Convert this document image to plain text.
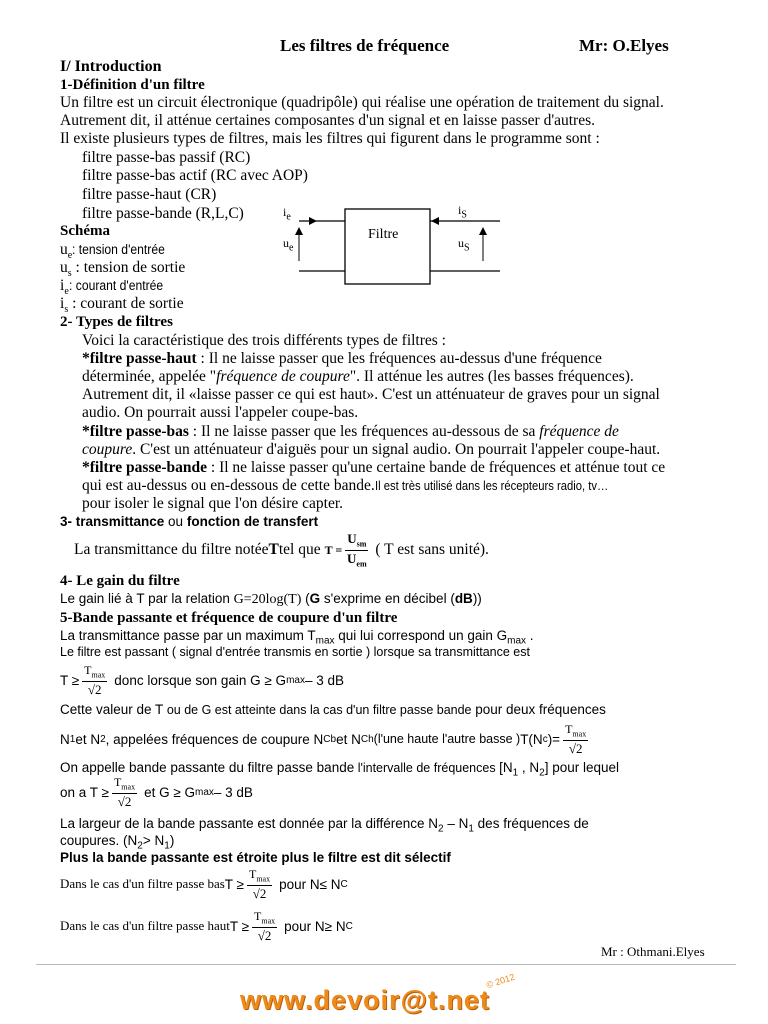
Les filtres de fréquence	Mr: O.Elyes
I/ Introduction
1-Définition d'un filtre
Un filtre est un circuit électronique (quadripôle) qui réalise une opération de traitement du signal.
Autrement dit, il atténue certaines composantes d'un signal et en laisse passer d'autres.
Il existe plusieurs types de filtres, mais les filtres qui figurent dans le programme sont :
filtre passe-bas passif (RC)
filtre passe-bas actif (RC avec AOP)
filtre passe-haut (CR)
filtre passe-bande (R,L,C)
Schéma
$u_e$: tension d'entrée
$u_s$ : tension de sortie
$i_e$: courant d'entrée
$i_s$ : courant de sortie
Filtre
$i_e$
$u_e$
$i_S$
$u_S$
2- Types de filtres
Voici la caractéristique des trois différents types de filtres :
*filtre passe-haut : Il ne laisse passer que les fréquences au-dessus d'une fréquence
déterminée, appelée "fréquence de coupure". Il atténue les autres (les basses fréquences).
Autrement dit, il «laisse passer ce qui est haut». C'est un atténuateur de graves pour un signal
audio. On pourrait aussi l'appeler coupe-bas.
*filtre passe-bas : Il ne laisse passer que les fréquences au-dessous de sa fréquence de
coupure. C'est un atténuateur d'aiguës pour un signal audio. On pourrait l'appeler coupe-haut.
*filtre passe-bande : Il ne laisse passer qu'une certaine bande de fréquences et atténue tout ce
qui est au-dessus ou en-dessous de cette bande.Il est très utilisé dans les récepteurs radio, tv…
pour isoler le signal que l'on désire capter.
3- transmittance ou fonction de transfert
La transmittance du filtre notée T tel que $T = \frac{U_{sm}}{U_{em}}$ ( T est sans unité).
4- Le gain du filtre
Le gain lié à T par la relation G=20log(T) (G s'exprime en décibel (dB))
5-Bande passante et fréquence de coupure d'un filtre
La transmittance passe par un maximum $T_{max}$ qui lui correspond un gain $G_{max}$ .
Le filtre est passant ( signal d'entrée transmis en sortie ) lorsque sa transmittance est
$T \ge \frac{T_{max}}{√2}$ donc lorsque son gain G ≥ G max – 3 dB
Cette valeur de T ou de G est atteinte dans la cas d'un filtre passe bande pour deux fréquences
N 1 et N 2 , appelées fréquences de coupure N Cb et N Ch (l'une haute l'autre basse ) T(N c )= $\frac{T_{max}}{√2}$
On appelle bande passante du filtre passe bande l'intervalle de fréquences [$N_1$ , $N_2$] pour lequel
on a $T \ge \frac{T_{max}}{√2}$ et G ≥ G max – 3 dB
La largeur de la bande passante est donnée par la différence $N_2 - N_1$ des fréquences de
coupures. $(N_2> N_1)$
Plus la bande passante est étroite plus le filtre est dit sélectif
Dans le cas d'un filtre passe bas $T \ge \frac{T_{max}}{√2}$ pour N≤ N C
Dans le cas d'un filtre passe haut $T \ge \frac{T_{max}}{√2}$ pour N≥ N C
Mr : Othmani.Elyes
www.devoir@t.net
© 2012
